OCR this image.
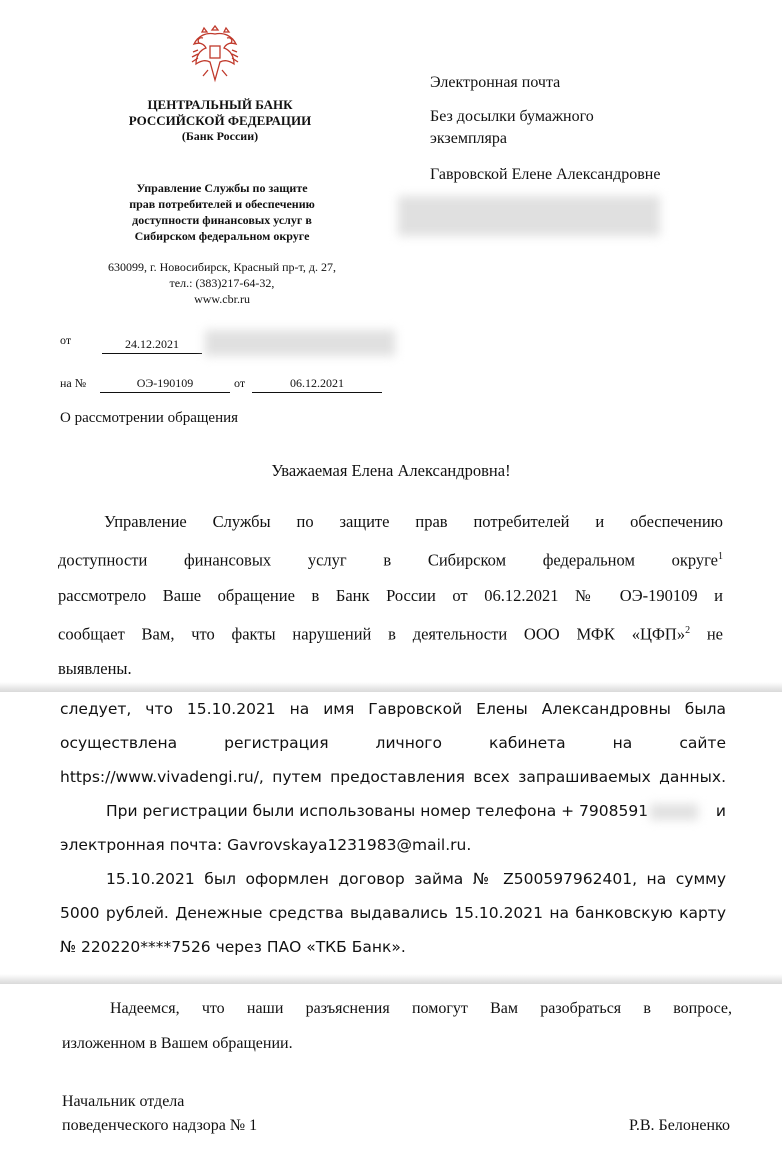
ЦЕНТРАЛЬНЫЙ БАНК
РОССИЙСКОЙ ФЕДЕРАЦИИ
(Банк России)
Управление Службы по защите
прав потребителей и обеспечению
доступности финансовых услуг в
Сибирском федеральном округе
630099, г. Новосибирск, Красный пр-т, д. 27,
тел.: (383)217-64-32,
www.cbr.ru
от	24.12.2021
на №	ОЭ-190109	от	06.12.2021
О рассмотрении обращения
Электронная почта
Без досылки бумажного
экземпляра
Гавровской Елене Александровне
Уважаемая Елена Александровна!
Управление Службы по защите прав потребителей и обеспечению
доступности финансовых услуг в Сибирском федеральном округе$^1$
рассмотрело Ваше обращение в Банк России от 06.12.2021 № ОЭ-190109 и
сообщает Вам, что факты нарушений в деятельности ООО МФК «ЦФП»$^2$ не
выявлены.
следует, что 15.10.2021 на имя Гавровской Елены Александровны была
осуществлена регистрация личного кабинета на сайте
https://www.vivadengi.ru/, путем предоставления всех запрашиваемых данных.
При регистрации были использованы номер телефона + 7908591	и
электронная почта: Gavrovskaya1231983@mail.ru.
15.10.2021 был оформлен договор займа № Z500597962401, на сумму
5000 рублей. Денежные средства выдавались 15.10.2021 на банковскую карту
№ 220220****7526 через ПАО «ТКБ Банк».
Надеемся, что наши разъяснения помогут Вам разобраться в вопросе,
изложенном в Вашем обращении.
Начальник отдела
поведенческого надзора № 1	Р.В. Белоненко
